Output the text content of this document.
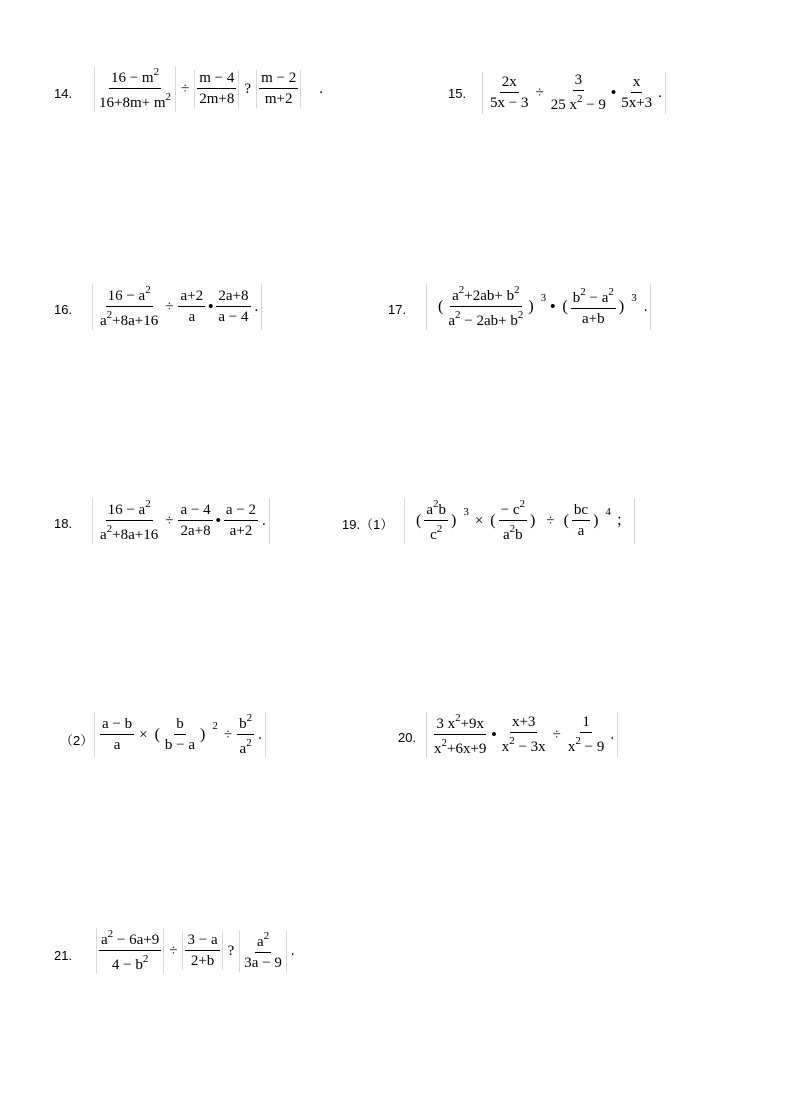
14. $\frac{16 - m^2}{16+8m+ m^2} \div \frac{m - 4}{2m+8}$ ? $\frac{m - 2}{m+2}$ .	15. $\frac{2x}{5x - 3} \div \frac{3}{25 x^2 - 9}$ • $\frac{x}{5x+3}$ .
16. $\frac{16 - a^2}{a^2+8a+16} \div \frac{a+2}{a}$ • $\frac{2a+8}{a - 4}$ .	17. ( $\frac{a^2+2ab+ b^2}{a^2 - 2ab+ b^2}$ )
3
• ( $\frac{b^2 - a^2}{a+b}$ )
3
.
18. $\frac{16 - a^2}{a^2+8a+16} \div \frac{a - 4}{2a+8}$ • $\frac{a - 2}{a+2}$ .	19.（1） ( $\frac{a^2b}{c^2}$ )
3
× ( $\frac{- c^2}{a^2b}$ ) ÷ ( $\frac{bc}{a}$ )
4
；
$(2) \frac{a - b}{a}$ × ( $\frac{b}{b - a}$ )
2
÷ $\frac{b^2}{a^2}$ .	20. $\frac{3 x^2+9x}{x^2+6x+9}$ • $\frac{x+3}{x^2 - 3x} \div \frac{1}{x^2 - 9}$ .
21. $\frac{a^2 - 6a+9}{4 - b^2} \div \frac{3 - a}{2+b}$ ? $\frac{a^2}{3a - 9}$ .
